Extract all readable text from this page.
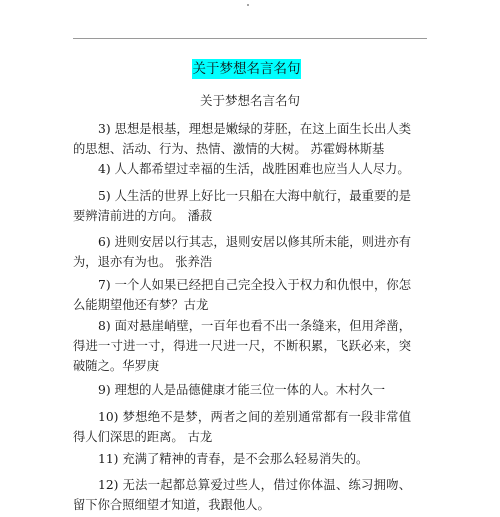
关于梦想名言名句
关于梦想名言名句

3) 思想是根基，理想是嫩绿的芽胚，在这上面生长出人类的思想、活动、行为、热情、激情的大树。 苏霍姆林斯基

4) 人人都希望过幸福的生活，战胜困难也应当人人尽力。

5) 人生活的世界上好比一只船在大海中航行，最重要的是要辨清前进的方向。 潘菽

6) 进则安居以行其志，退则安居以修其所未能，则进亦有为，退亦有为也。 张养浩

7) 一个人如果已经把自己完全投入于权力和仇恨中，你怎么能期望他还有梦？古龙

8) 面对悬崖峭壁，一百年也看不出一条缝来，但用斧凿，得进一寸进一寸，得进一尺进一尺，不断积累，飞跃必来，突破随之。华罗庚

9) 理想的人是品德健康才能三位一体的人。木村久一

10) 梦想绝不是梦，两者之间的差别通常都有一段非常值得人们深思的距离。 古龙

11) 充满了精神的青春，是不会那么轻易消失的。

12) 无法一起都总算爱过些人，借过你体温、练习拥吻、留下你合照细望才知道，我跟他人。
